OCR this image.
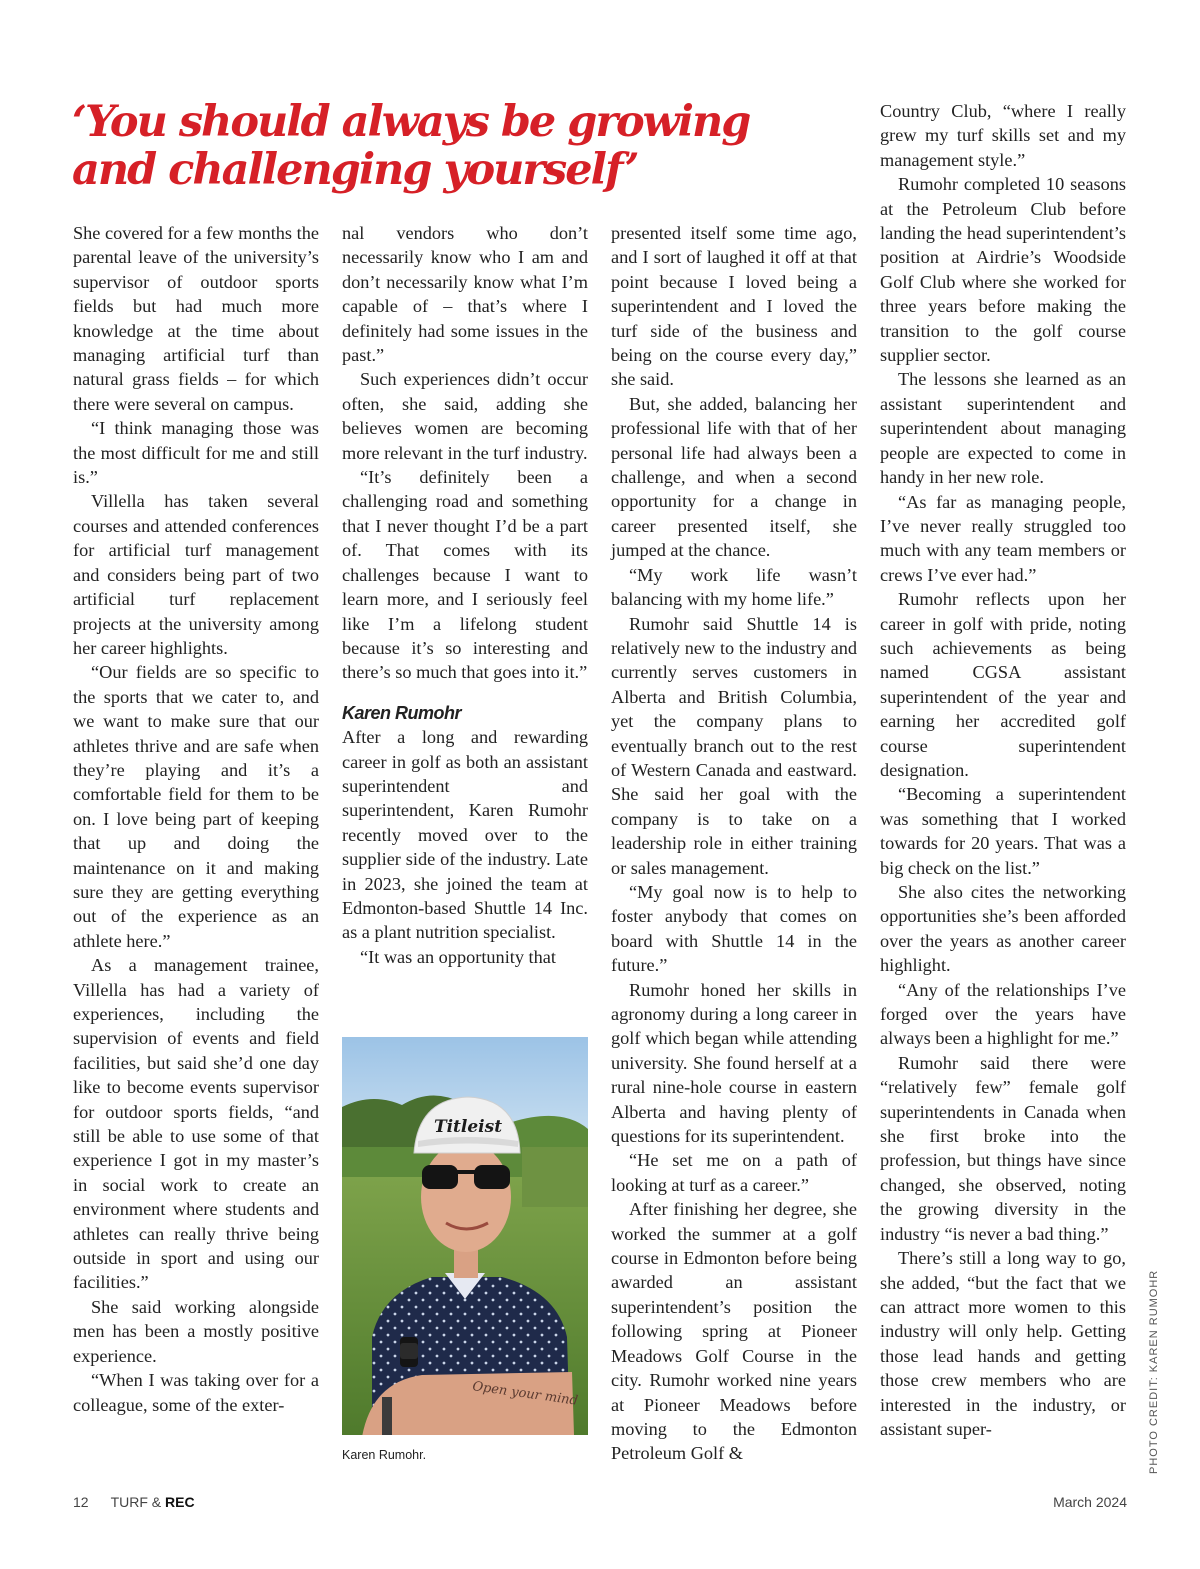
‘You should always be growing
and challenging yourself’

She covered for a few months the parental leave of the university’s supervisor of outdoor sports fields but had much more knowledge at the time about managing artificial turf than natural grass fields – for which there were several on campus.

“I think managing those was the most difficult for me and still is.”

Villella has taken several courses and attended conferences for artificial turf management and considers being part of two artificial turf replacement projects at the university among her career highlights.

“Our fields are so specific to the sports that we cater to, and we want to make sure that our athletes thrive and are safe when they’re playing and it’s a comfortable field for them to be on. I love being part of keeping that up and doing the maintenance on it and making sure they are getting everything out of the experience as an athlete here.”

As a management trainee, Villella has had a variety of experiences, including the supervision of events and field facilities, but said she’d one day like to become events supervisor for outdoor sports fields, “and still be able to use some of that experience I got in my master’s in social work to create an environment where students and athletes can really thrive being outside in sport and using our facilities.”

She said working alongside men has been a mostly positive experience.

“When I was taking over for a colleague, some of the exter-

nal vendors who don’t necessarily know who I am and don’t necessarily know what I’m capable of – that’s where I definitely had some issues in the past.”

Such experiences didn’t occur often, she said, adding she believes women are becoming more relevant in the turf industry.

“It’s definitely been a challenging road and something that I never thought I’d be a part of. That comes with its challenges because I want to learn more, and I seriously feel like I’m a lifelong student because it’s so interesting and there’s so much that goes into it.”

Karen Rumohr

After a long and rewarding career in golf as both an assistant superintendent and superintendent, Karen Rumohr recently moved over to the supplier side of the industry. Late in 2023, she joined the team at Edmonton-based Shuttle 14 Inc. as a plant nutrition specialist.

“It was an opportunity that

Titleist
Open your mind
Karen Rumohr.

presented itself some time ago, and I sort of laughed it off at that point because I loved being a superintendent and I loved the turf side of the business and being on the course every day,” she said.

But, she added, balancing her professional life with that of her personal life had always been a challenge, and when a second opportunity for a change in career presented itself, she jumped at the chance.

“My work life wasn’t balancing with my home life.”

Rumohr said Shuttle 14 is relatively new to the industry and currently serves customers in Alberta and British Columbia, yet the company plans to eventually branch out to the rest of Western Canada and eastward. She said her goal with the company is to take on a leadership role in either training or sales management.

“My goal now is to help to foster anybody that comes on board with Shuttle 14 in the future.”

Rumohr honed her skills in agronomy during a long career in golf which began while attending university. She found herself at a rural nine-hole course in eastern Alberta and having plenty of questions for its superintendent.

“He set me on a path of looking at turf as a career.”

After finishing her degree, she worked the summer at a golf course in Edmonton before being awarded an assistant superintendent’s position the following spring at Pioneer Meadows Golf Course in the city. Rumohr worked nine years at Pioneer Meadows before moving to the Edmonton Petroleum Golf &

Country Club, “where I really grew my turf skills set and my management style.”

Rumohr completed 10 seasons at the Petroleum Club before landing the head superintendent’s position at Airdrie’s Woodside Golf Club where she worked for three years before making the transition to the golf course supplier sector.

The lessons she learned as an assistant superintendent and superintendent about managing people are expected to come in handy in her new role.

“As far as managing people, I’ve never really struggled too much with any team members or crews I’ve ever had.”

Rumohr reflects upon her career in golf with pride, noting such achievements as being named CGSA assistant superintendent of the year and earning her accredited golf course superintendent designation.

“Becoming a superintendent was something that I worked towards for 20 years. That was a big check on the list.”

She also cites the networking opportunities she’s been afforded over the years as another career highlight.

“Any of the relationships I’ve forged over the years have always been a highlight for me.”

Rumohr said there were “relatively few” female golf superintendents in Canada when she first broke into the profession, but things have since changed, she observed, noting the growing diversity in the industry “is never a bad thing.”

There’s still a long way to go, she added, “but the fact that we can attract more women to this industry will only help. Getting those lead hands and getting those crew members who are interested in the industry, or assistant super-	PHOTO CREDIT: KAREN RUMOHR
12 TURF & REC	March 2024
